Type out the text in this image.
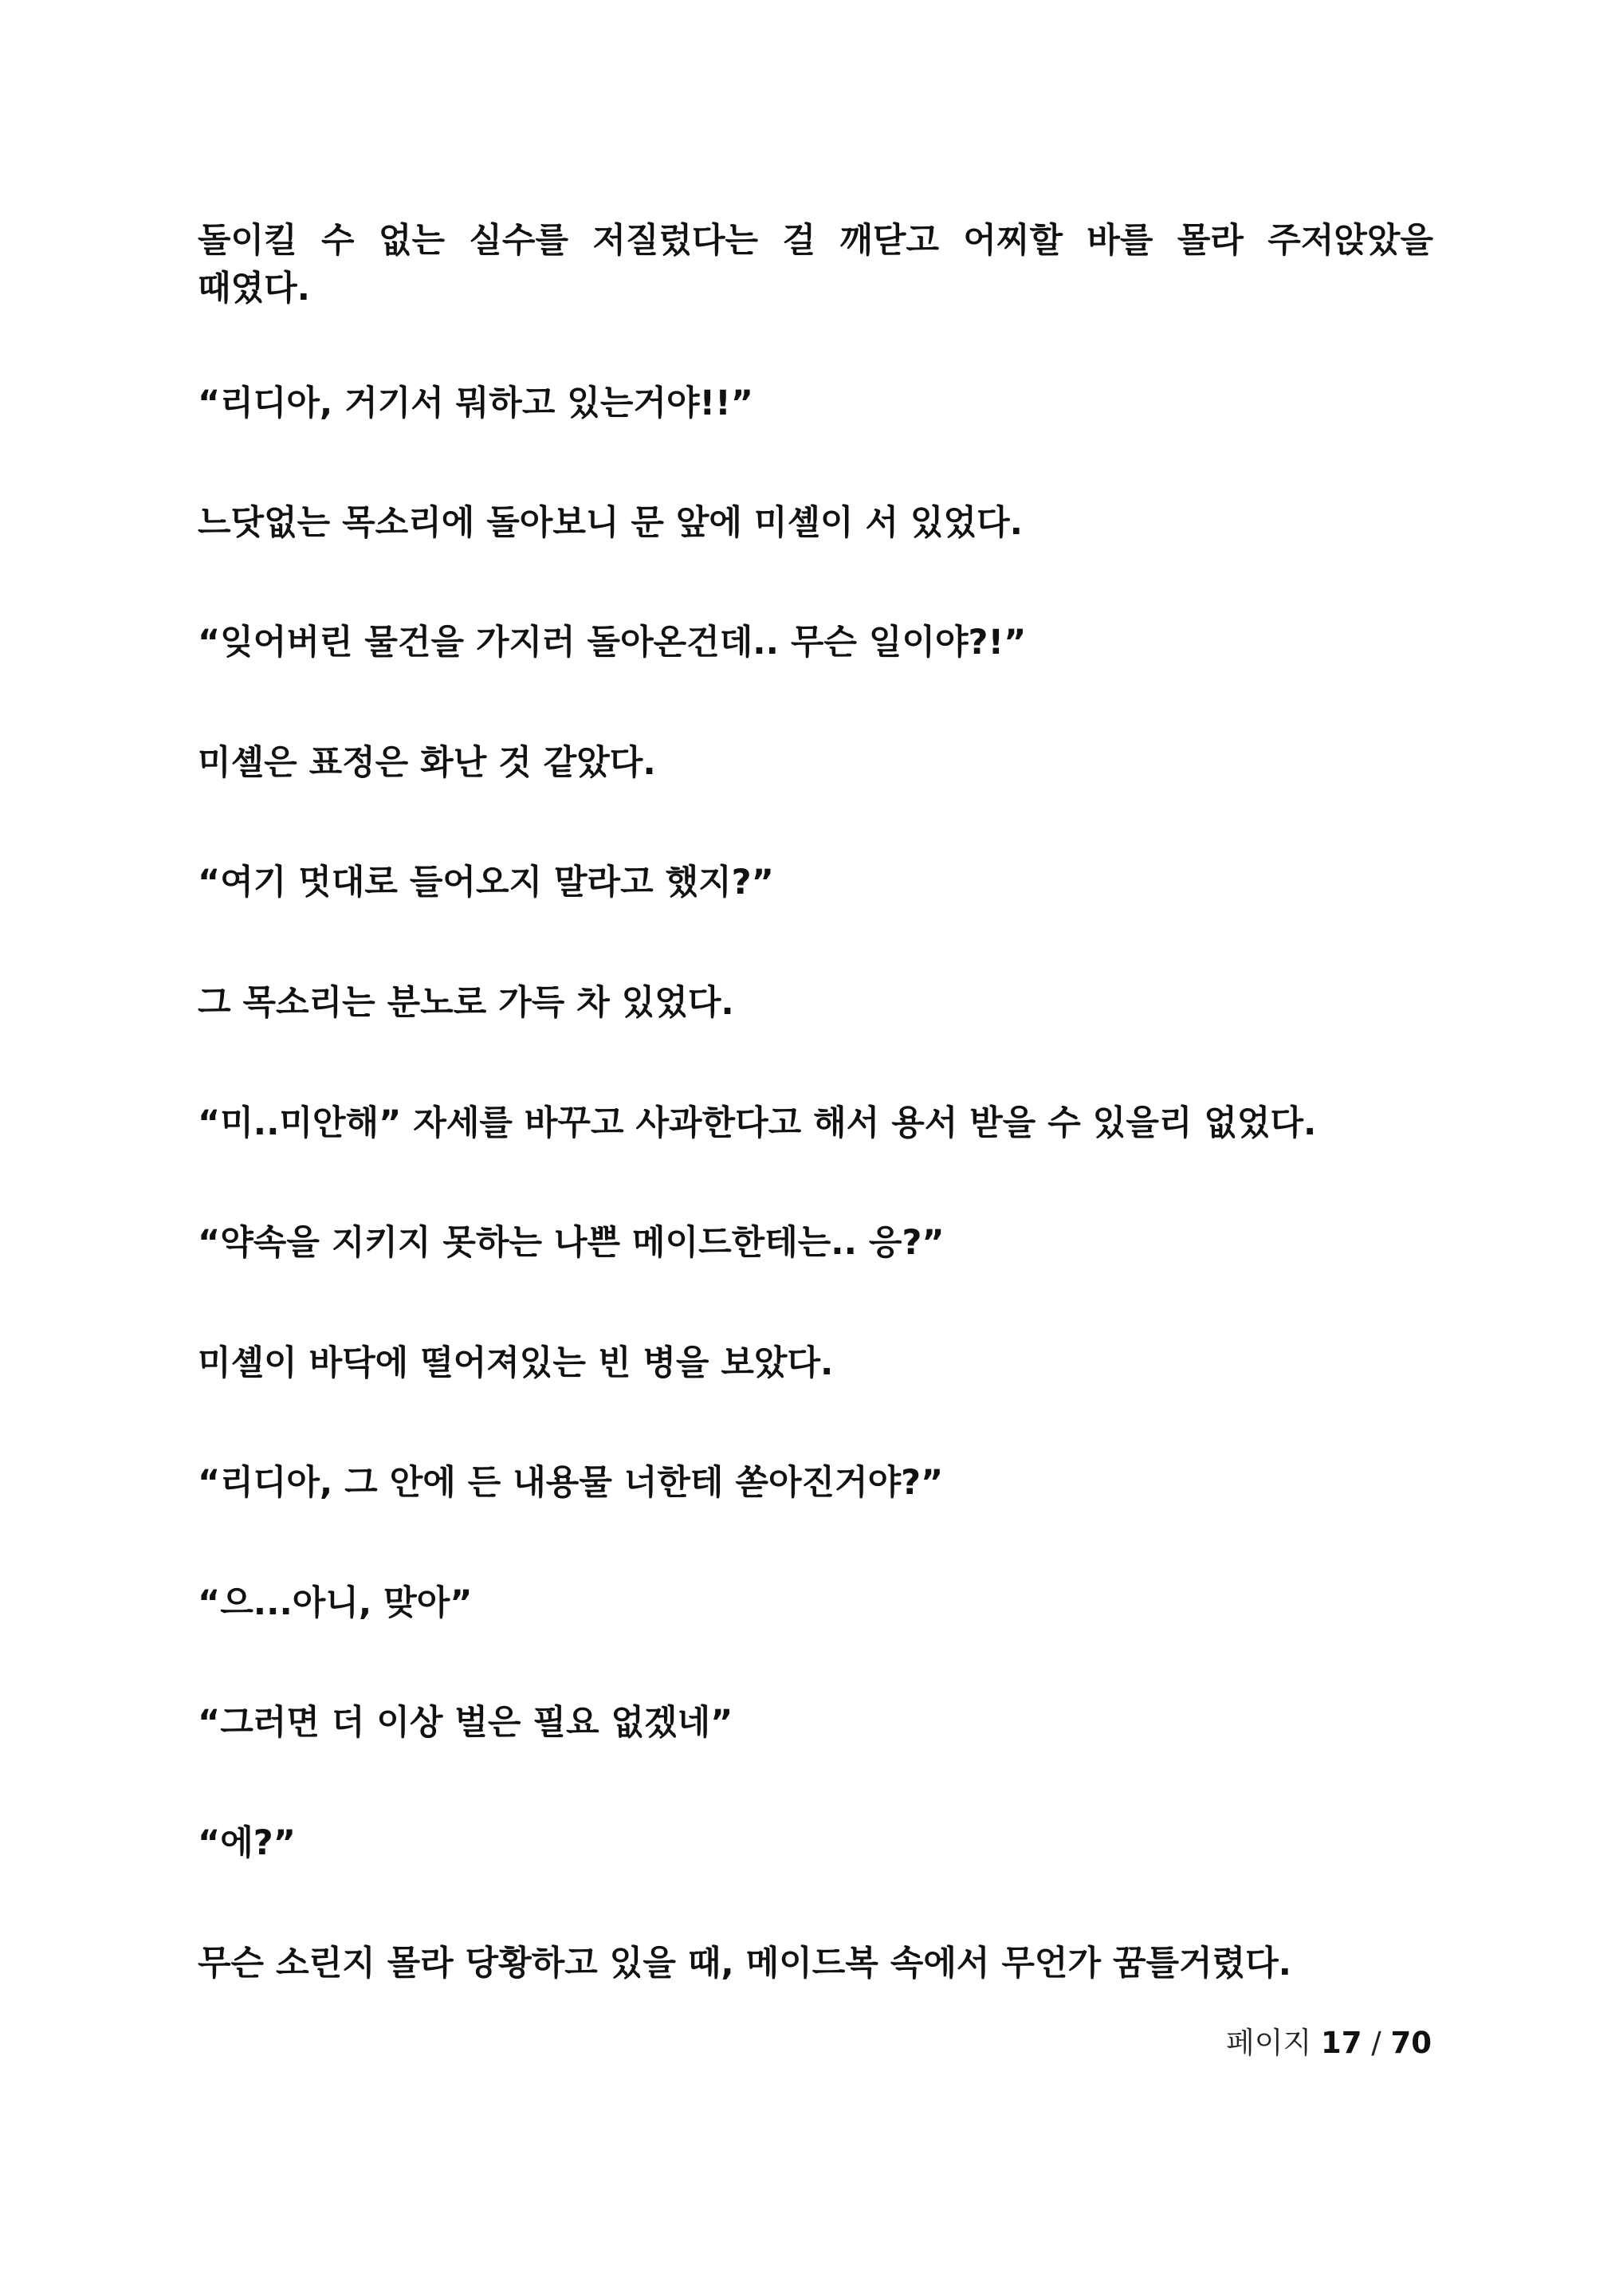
돌이킬 수 없는 실수를 저질렀다는 걸 깨닫고 어찌할 바를 몰라 주저앉았을 때였다.

“리디아, 거기서 뭐하고 있는거야!!”

느닷없는 목소리에 돌아보니 문 앞에 미셸이 서 있었다.

“잊어버린 물건을 가지러 돌아온건데.. 무슨 일이야?!”

미셸은 표정은 화난 것 같았다.

“여기 멋대로 들어오지 말라고 했지?”

그 목소리는 분노로 가득 차 있었다.

“미..미안해” 자세를 바꾸고 사과한다고 해서 용서 받을 수 있을리 없었다.

“약속을 지키지 못하는 나쁜 메이드한테는.. 응?”

미셸이 바닥에 떨어져있는 빈 병을 보았다.

“리디아, 그 안에 든 내용물 너한테 쏟아진거야?”

“으...아니, 맞아”

“그러면 더 이상 벌은 필요 없겠네”

“에?”

무슨 소린지 몰라 당황하고 있을 때, 메이드복 속에서 무언가 꿈틀거렸다.

페이지 17 / 70
